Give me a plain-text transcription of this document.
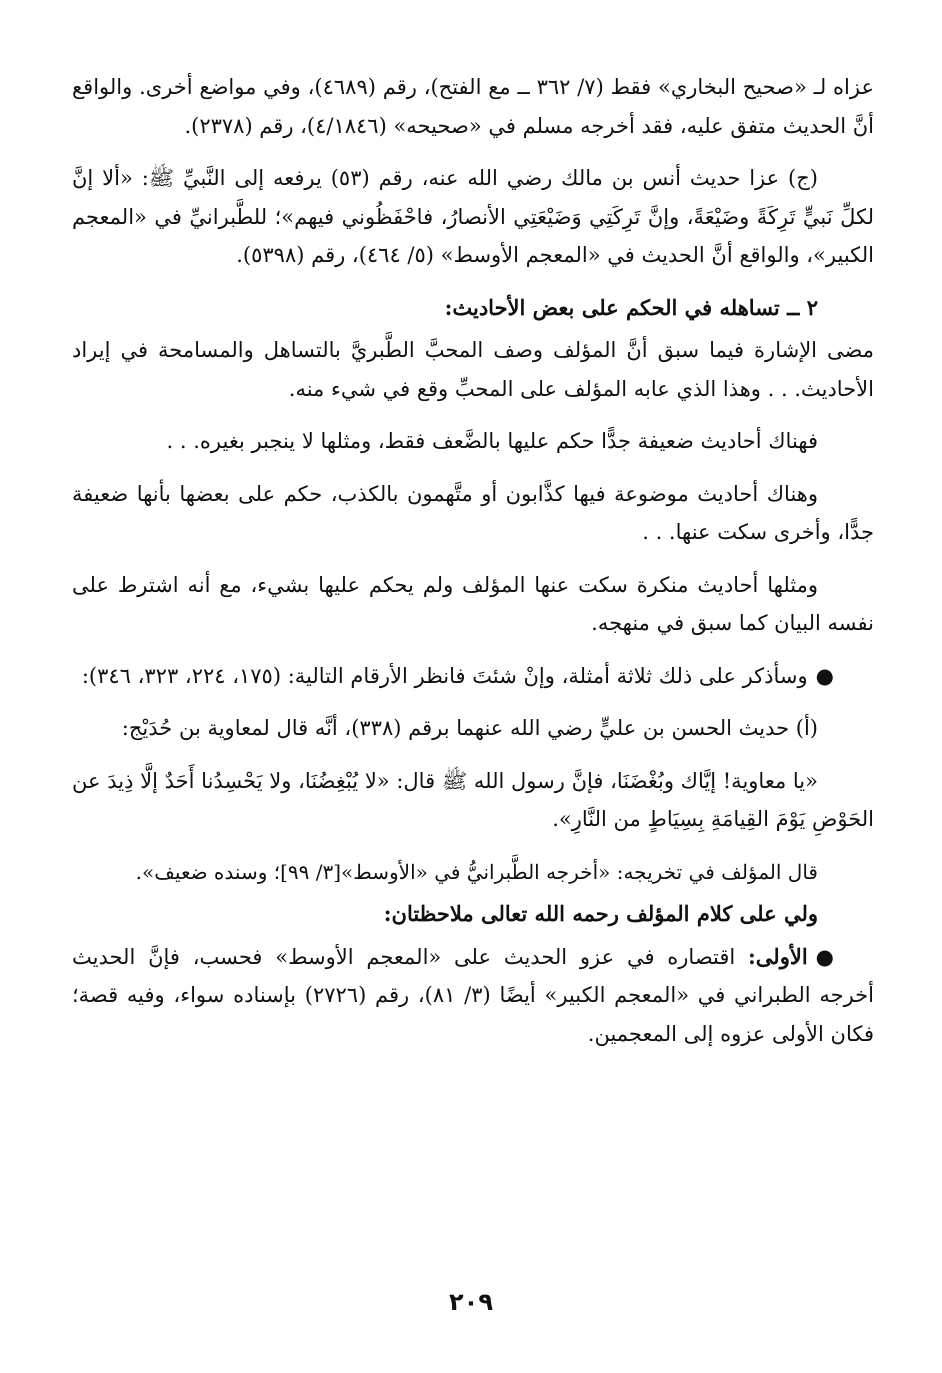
عزاه لـ «صحيح البخاري» فقط (٧/ ٣٦٢ ــ مع الفتح)، رقم (٤٦٨٩)، وفي مواضع أخرى. والواقع أنَّ الحديث متفق عليه، فقد أخرجه مسلم في «صحيحه» (٤/١٨٤٦)، رقم (٢٣٧٨).

(ج) عزا حديث أنس بن مالك رضي الله عنه، رقم (٥٣) يرفعه إلى النَّبيِّ ﷺ: «ألا إنَّ لكلِّ نَبيٍّ تَرِكَةً وضَيْعَةً، وإنَّ تَرِكَتِي وَضَيْعَتِي الأنصارُ، فاحْفَظُوني فيهم»؛ للطَّبرانيِّ في «المعجم الكبير»، والواقع أنَّ الحديث في «المعجم الأوسط» (٥/ ٤٦٤)، رقم (٥٣٩٨).

٢ ــ تساهله في الحكم على بعض الأحاديث:

مضى الإشارة فيما سبق أنَّ المؤلف وصف المحبَّ الطَّبريَّ بالتساهل والمسامحة في إيراد الأحاديث. . . وهذا الذي عابه المؤلف على المحبِّ وقع في شيء منه.

فهناك أحاديث ضعيفة جدًّا حكم عليها بالضَّعف فقط، ومثلها لا ينجبر بغيره. . .

وهناك أحاديث موضوعة فيها كذَّابون أو متَّهمون بالكذب، حكم على بعضها بأنها ضعيفة جدًّا، وأخرى سكت عنها. . .

ومثلها أحاديث منكرة سكت عنها المؤلف ولم يحكم عليها بشيء، مع أنه اشترط على نفسه البيان كما سبق في منهجه.

●وسأذكر على ذلك ثلاثة أمثلة، وإنْ شئتَ فانظر الأرقام التالية: (١٧٥، ٢٢٤، ٣٢٣، ٣٤٦):

(أ) حديث الحسن بن عليٍّ رضي الله عنهما برقم (٣٣٨)، أنَّه قال لمعاوية بن حُدَيْج:

«يا معاوية! إيَّاك وبُغْضَنَا، فإنَّ رسول الله ﷺ قال: «لا يُبْغِضُنَا، ولا يَحْسِدُنا أَحَدٌ إلَّا ذِيدَ عن الحَوْضِ يَوْمَ القِيامَةِ بِسِيَاطٍ من النَّارِ».

قال المؤلف في تخريجه: «أخرجه الطَّبرانيُّ في «الأوسط»[٣/ ٩٩]؛ وسنده ضعيف».

ولي على كلام المؤلف رحمه الله تعالى ملاحظتان:

●الأولى: اقتصاره في عزو الحديث على «المعجم الأوسط» فحسب، فإنَّ الحديث أخرجه الطبراني في «المعجم الكبير» أيضًا (٣/ ٨١)، رقم (٢٧٢٦) بإسناده سواء، وفيه قصة؛ فكان الأولى عزوه إلى المعجمين.

٢٠٩
